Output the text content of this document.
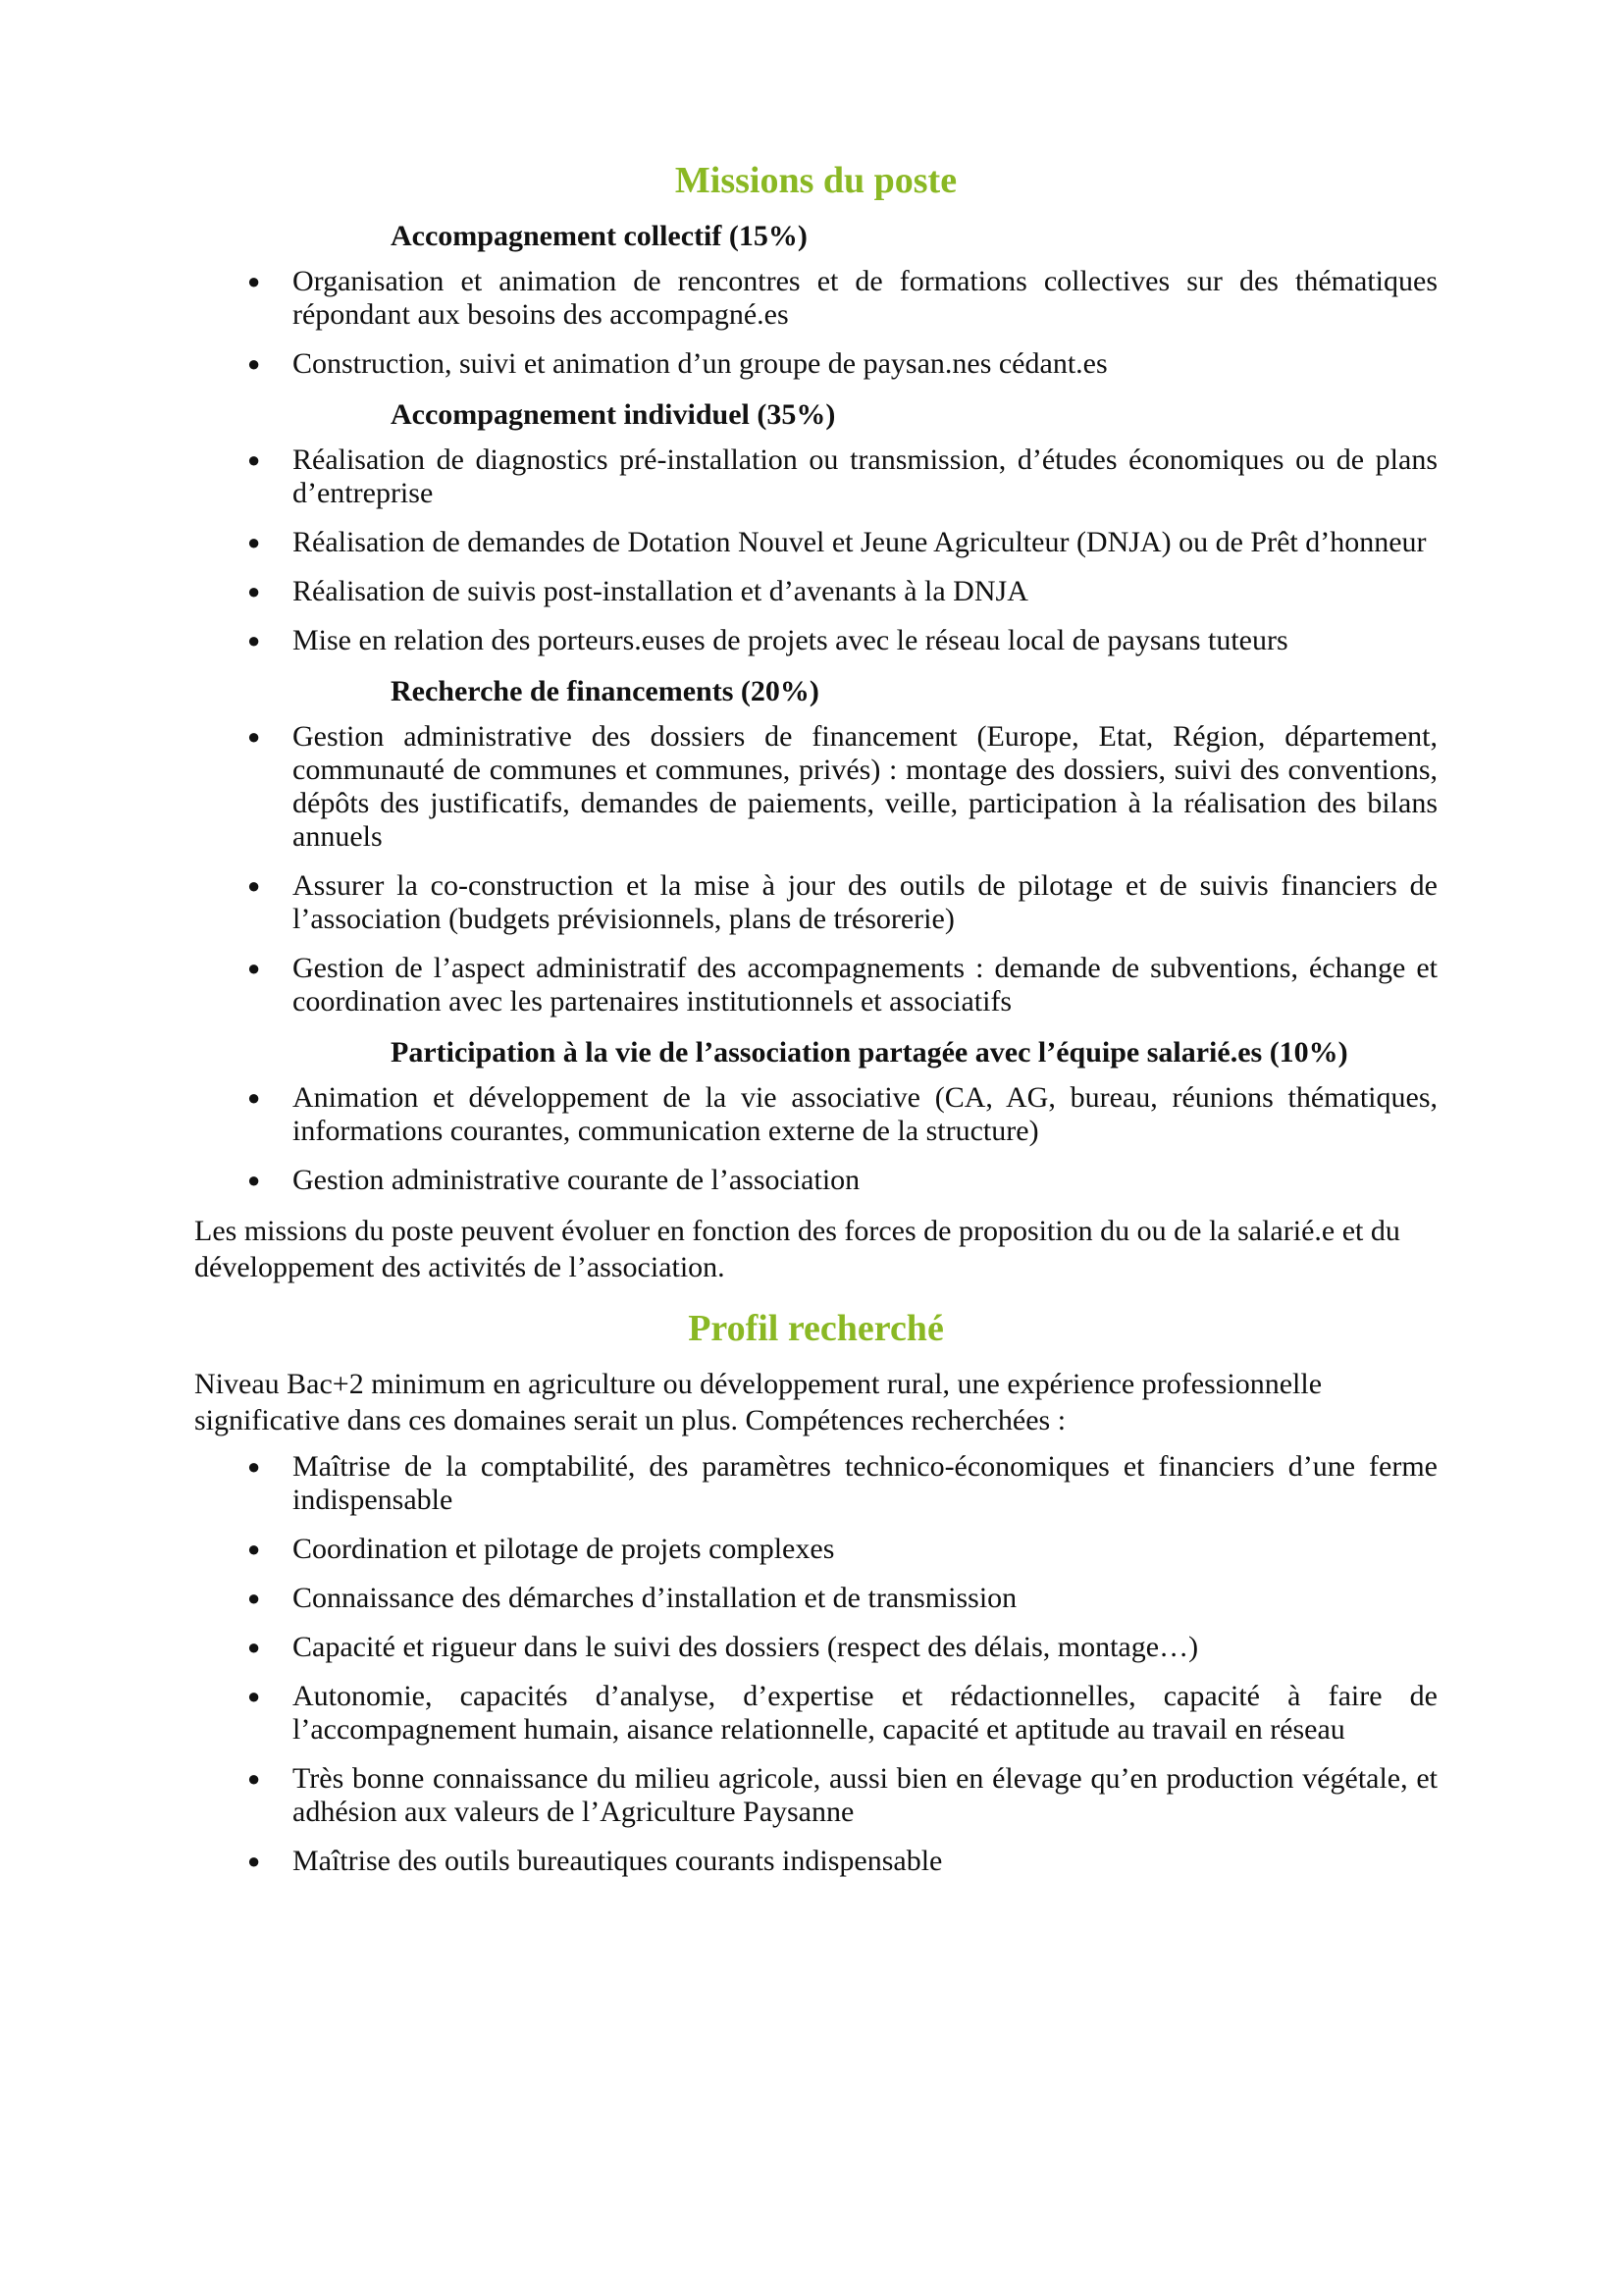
Missions du poste
Accompagnement collectif (15%)
● Organisation et animation de rencontres et de formations collectives sur des thématiques répondant aux besoins des accompagné.es
● Construction, suivi et animation d’un groupe de paysan.nes cédant.es
Accompagnement individuel (35%)
● Réalisation de diagnostics pré-installation ou transmission, d’études économiques ou de plans d’entreprise
● Réalisation de demandes de Dotation Nouvel et Jeune Agriculteur (DNJA) ou de Prêt d’honneur
● Réalisation de suivis post-installation et d’avenants à la DNJA
● Mise en relation des porteurs.euses de projets avec le réseau local de paysans tuteurs
Recherche de financements (20%)
● Gestion administrative des dossiers de financement (Europe, Etat, Région, département, communauté de communes et communes, privés) : montage des dossiers, suivi des conventions, dépôts des justificatifs, demandes de paiements, veille, participation à la réalisation des bilans annuels
● Assurer la co-construction et la mise à jour des outils de pilotage et de suivis financiers de l’association (budgets prévisionnels, plans de trésorerie)
● Gestion de l’aspect administratif des accompagnements : demande de subventions, échange et coordination avec les partenaires institutionnels et associatifs
Participation à la vie de l’association partagée avec l’équipe salarié.es (10%)
● Animation et développement de la vie associative (CA, AG, bureau, réunions thématiques, informations courantes, communication externe de la structure)
● Gestion administrative courante de l’association

Les missions du poste peuvent évoluer en fonction des forces de proposition du ou de la salarié.e et du développement des activités de l’association.

Profil recherché

Niveau Bac+2 minimum en agriculture ou développement rural, une expérience professionnelle significative dans ces domaines serait un plus. Compétences recherchées :

● Maîtrise de la comptabilité, des paramètres technico-économiques et financiers d’une ferme indispensable
● Coordination et pilotage de projets complexes
● Connaissance des démarches d’installation et de transmission
● Capacité et rigueur dans le suivi des dossiers (respect des délais, montage…)
● Autonomie, capacités d’analyse, d’expertise et rédactionnelles, capacité à faire de l’accompagnement humain, aisance relationnelle, capacité et aptitude au travail en réseau
● Très bonne connaissance du milieu agricole, aussi bien en élevage qu’en production végétale, et adhésion aux valeurs de l’Agriculture Paysanne
● Maîtrise des outils bureautiques courants indispensable
